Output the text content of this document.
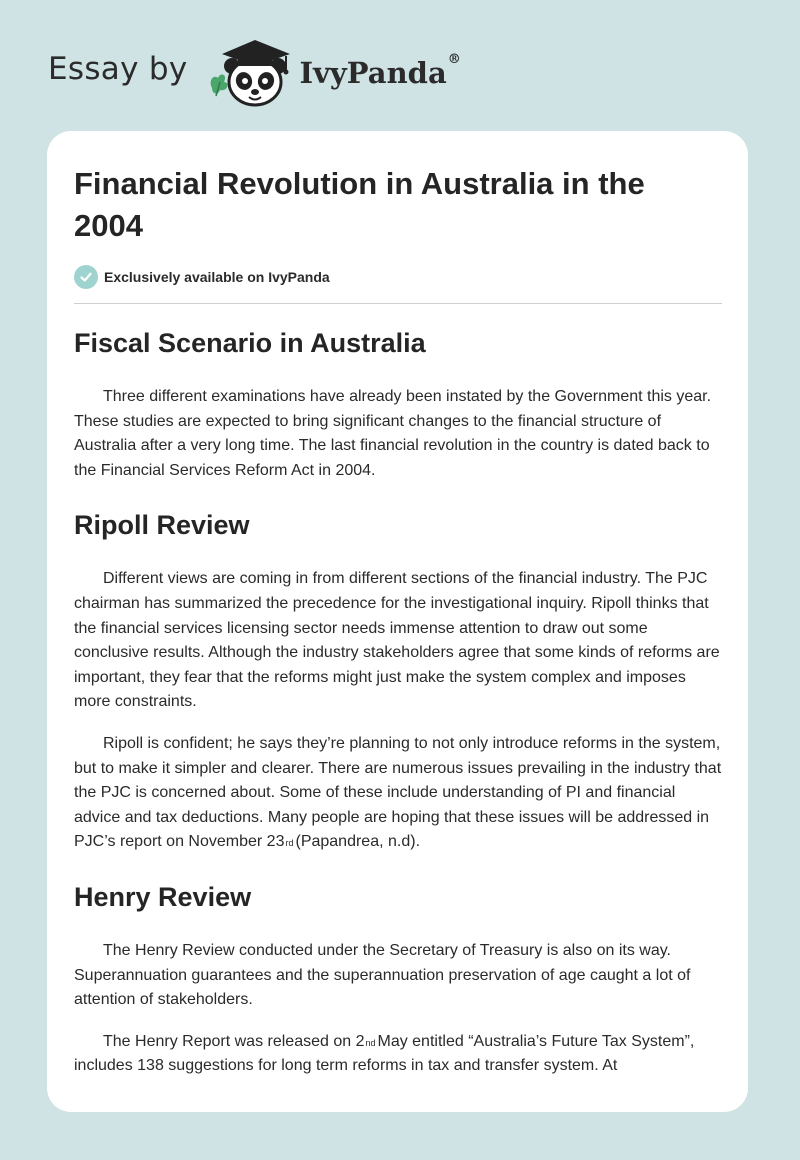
Essay by	IvyPanda®
Financial Revolution in Australia in the 2004
Exclusively available on IvyPanda
Fiscal Scenario in Australia

Three different examinations have already been instated by the Government this year. These studies are expected to bring significant changes to the financial structure of Australia after a very long time. The last financial revolution in the country is dated back to the Financial Services Reform Act in 2004.

Ripoll Review

Different views are coming in from different sections of the financial industry. The PJC chairman has summarized the precedence for the investigational inquiry. Ripoll thinks that the financial services licensing sector needs immense attention to draw out some conclusive results. Although the industry stakeholders agree that some kinds of reforms are important, they fear that the reforms might just make the system complex and imposes more constraints.

Ripoll is confident; he says they’re planning to not only introduce reforms in the system, but to make it simpler and clearer. There are numerous issues prevailing in the industry that the PJC is concerned about. Some of these include understanding of PI and financial advice and tax deductions. Many people are hoping that these issues will be addressed in PJC’s report on November 23rd (Papandrea, n.d).

Henry Review

The Henry Review conducted under the Secretary of Treasury is also on its way. Superannuation guarantees and the superannuation preservation of age caught a lot of attention of stakeholders.

The Henry Report was released on 2nd May entitled “Australia’s Future Tax System”, includes 138 suggestions for long term reforms in tax and transfer system. At
